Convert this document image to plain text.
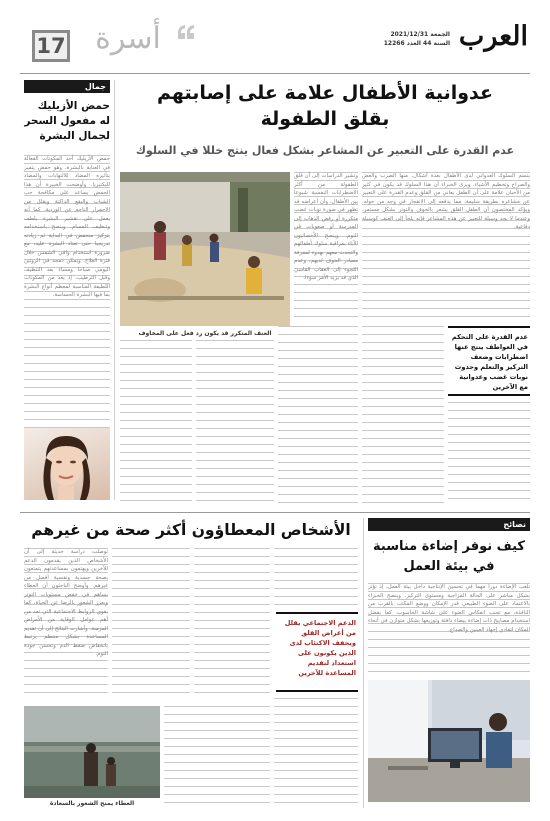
العرب
الجمعة 2021/12/31
السنة 44 العدد 12266
أسرة
17
جمال
حمض الأزيليك له مفعول السحر لجمال البشرة
حمض الأزيليك أحد المكونات الفعالة في العناية بالبشرة، وهو حمض يتميز بتأثيره المضاد للالتهابات والمضاد للبكتيريا. وأوضحت الخبيرة أن هذا الحمض يساعد على مكافحة حب الشباب والبقع الداكنة ويقلل من الاحمرار الناجم عن الوردية، كما أنه يعمل على تقشير البشرة بلطف وتنظيف المسام. وينصح باستخدامه بتركيز منخفض في البداية ثم زيادته تدريجيا حتى تعتاد البشرة عليه، مع ضرورة استخدام واقي الشمس خلال فترة العلاج. ويمكن دمجه في الروتين اليومي صباحا ومساء بعد التنظيف وقبل الترطيب، إذ يعد من المكونات اللطيفة المناسبة لمعظم أنواع البشرة بما فيها البشرة الحساسة.
عدوانية الأطفال علامة على إصابتهم
بقلق الطفولة
عدم القدرة على التعبير عن المشاعر بشكل فعال ينتج خللا في السلوك
العنف المتكرر قد يكون رد فعل على المخاوف
يتسم السلوك العدواني لدى الأطفال بعدة أشكال، منها الضرب والعض والصراخ وتحطيم الأشياء. ويرى الخبراء أن هذا السلوك قد يكون في كثير من الأحيان علامة على أن الطفل يعاني من القلق وعدم القدرة على التعبير عن مشاعره بطريقة سليمة، مما يدفعه إلى الانفجار في وجه من حوله. ويؤكد المختصون أن الطفل القلق يشعر بالخوف والتوتر بشكل مستمر، وعندما لا يجد وسيلة للتعبير عن هذه المشاعر فإنه يلجأ إلى العنف كوسيلة دفاعية.
وتشير الدراسات إلى أن قلق الطفولة من أكثر الاضطرابات النفسية شيوعا بين الأطفال، وأن أعراضه قد تظهر في صورة نوبات غضب متكررة أو رفض الذهاب إلى المدرسة أو صعوبات في النوم. وينصح الأخصائيون الآباء بمراقبة سلوك أطفالهم والتحدث معهم بهدوء لمعرفة مصادر الخوف لديهم، وعدم اللجوء إلى العقاب القاسي الذي قد يزيد الأمر سوءا.
عدم القدرة على التحكم في العواطف ينتج عنها اضطرابات وضعف التركيز والتعلم وحدوث نوبات غضب وعدوانية مع الآخرين
الأشخاص المعطاؤون أكثر صحة من غيرهم
العطاء يمنح الشعور بالسعادة
توصلت دراسة حديثة إلى أن الأشخاص الذين يقدمون الدعم للآخرين ويهتمون بمساعدتهم يتمتعون بصحة جسدية ونفسية أفضل من غيرهم. وأوضح الباحثون أن العطاء يساهم في خفض مستويات التوتر ويعزز الشعور بالرضا عن الحياة، كما يقوي الروابط الاجتماعية التي تعد من أهم عوامل الوقاية من الأمراض المزمنة. وأشارت النتائج إلى أن تقديم المساعدة بشكل منتظم يرتبط بانخفاض ضغط الدم وتحسن جودة النوم.
الدعم الاجتماعي يقلل من أعراض القلق ويخفف الاكتئاب لدى الذين يكونون على استعداد لتقديم المساعدة للآخرين
نصائح
كيف نوفر إضاءة مناسبة
في بيئة العمل
تلعب الإضاءة دورا مهما في تحسين الإنتاجية داخل بيئة العمل، إذ تؤثر بشكل مباشر على الحالة المزاجية ومستوى التركيز. وينصح الخبراء بالاعتماد على الضوء الطبيعي قدر الإمكان ووضع المكتب بالقرب من النافذة، مع تجنب انعكاس الضوء على شاشة الحاسوب. كما يفضل استخدام مصابيح ذات إضاءة بيضاء دافئة وتوزيعها بشكل متوازن في أنحاء المكان لتفادي إجهاد العينين والصداع.
